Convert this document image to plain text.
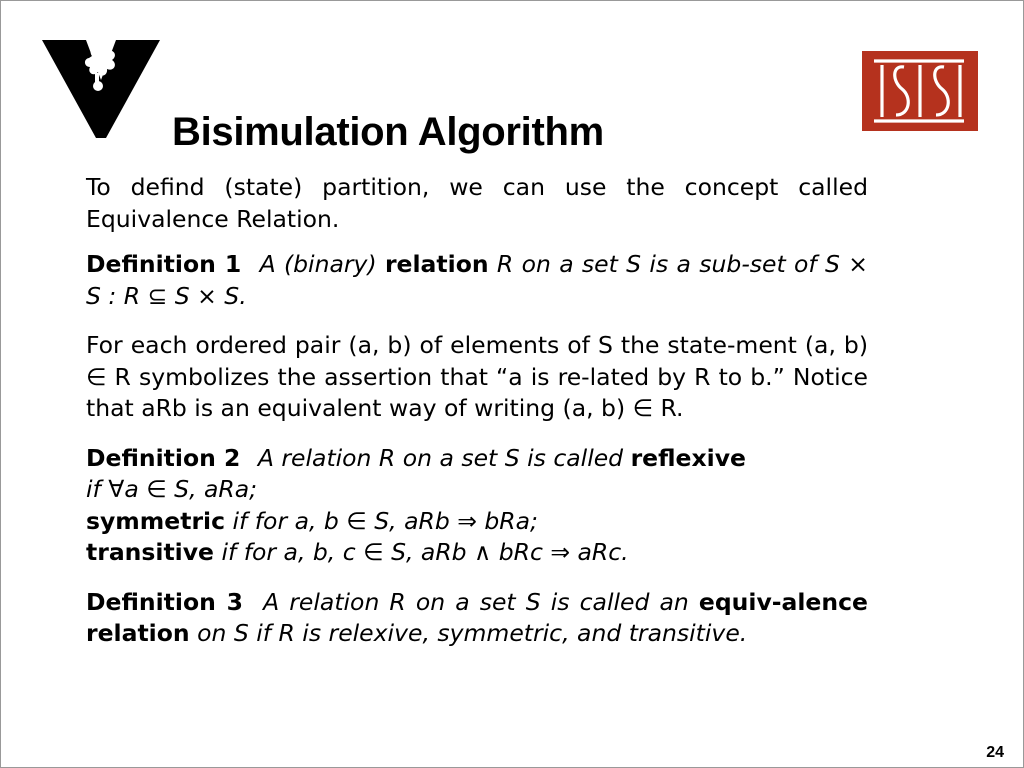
Bisimulation Algorithm

To defind (state) partition, we can use the concept called Equivalence Relation.

Definition 1 A (binary) relation R on a set S is a sub-set of S × S : R ⊆ S × S.

For each ordered pair (a, b) of elements of S the state-ment (a, b) ∈ R symbolizes the assertion that “a is re-lated by R to b.” Notice that aRb is an equivalent way of writing (a, b) ∈ R.

Definition 2 A relation R on a set S is called reflexive
if ∀a ∈ S, aRa;
symmetric if for a, b ∈ S, aRb ⇒ bRa;
transitive if for a, b, c ∈ S, aRb ∧ bRc ⇒ aRc.

Definition 3 A relation R on a set S is called an equiv-alence relation on S if R is relexive, symmetric, and transitive.

24
